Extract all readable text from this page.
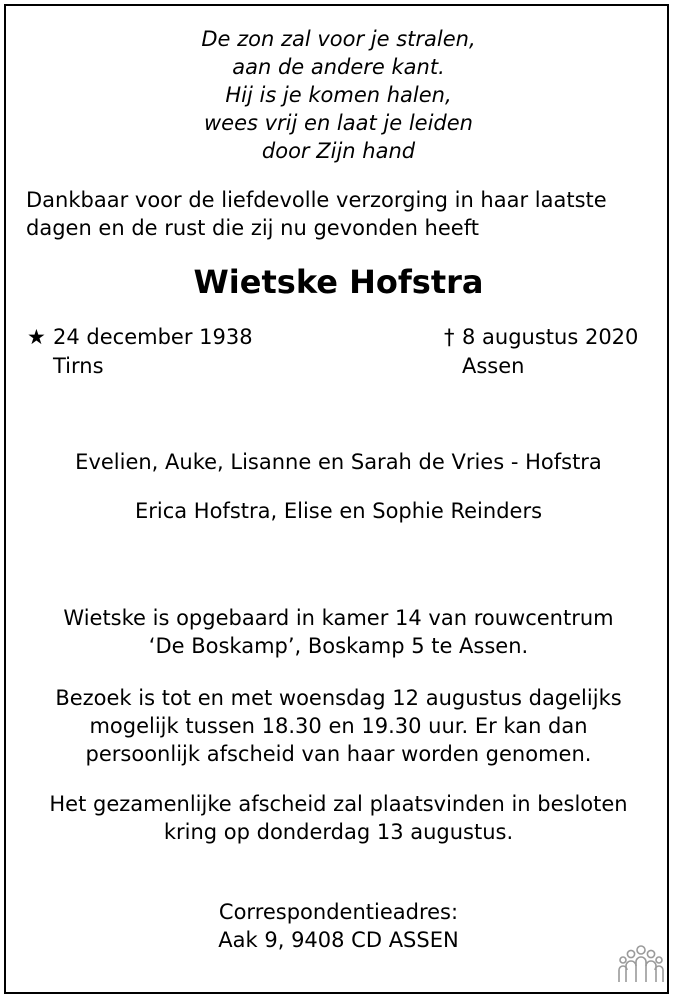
De zon zal voor je stralen,
aan de andere kant.
Hij is je komen halen,
wees vrij en laat je leiden
door Zijn hand
Dankbaar voor de liefdevolle verzorging in haar laatste
dagen en de rust die zij nu gevonden heeft
Wietske Hofstra
★ 24 december 1938
Tirns
† 8 augustus 2020
Assen
Evelien, Auke, Lisanne en Sarah de Vries - Hofstra
Erica Hofstra, Elise en Sophie Reinders
Wietske is opgebaard in kamer 14 van rouwcentrum
‘De Boskamp’, Boskamp 5 te Assen.
Bezoek is tot en met woensdag 12 augustus dagelijks
mogelijk tussen 18.30 en 19.30 uur. Er kan dan
persoonlijk afscheid van haar worden genomen.
Het gezamenlijke afscheid zal plaatsvinden in besloten
kring op donderdag 13 augustus.
Correspondentieadres:
Aak 9, 9408 CD ASSEN
